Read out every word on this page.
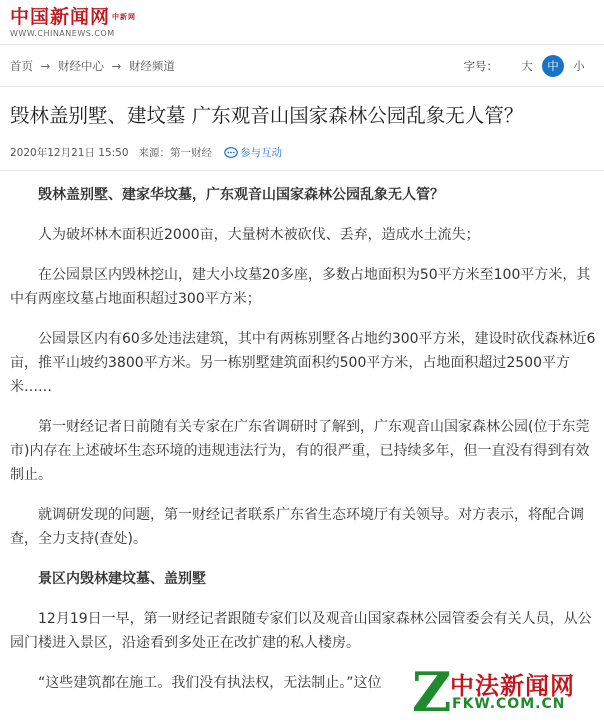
中国新闻网 $^{中新网}$
WWW.CHINANEWS.COM
首页 → 财经中心 → 财经频道	字号：	大	中	小
毁林盖别墅、建坟墓 广东观音山国家森林公园乱象无人管？
2020年12月21日 15:50 来源：第一财经	参与互动

毁林盖别墅、建家华坟墓，广东观音山国家森林公园乱象无人管？

人为破坏林木面积近2000亩，大量树木被砍伐、丢弃，造成水土流失；

在公园景区内毁林挖山，建大小坟墓20多座，多数占地面积为50平方米至100平方米，其中有两座坟墓占地面积超过300平方米；

公园景区内有60多处违法建筑，其中有两栋别墅各占地约300平方米，建设时砍伐森林近6亩，推平山坡约3800平方米。另一栋别墅建筑面积约500平方米，占地面积超过2500平方米……

第一财经记者日前随有关专家在广东省调研时了解到，广东观音山国家森林公园(位于东莞市)内存在上述破坏生态环境的违规违法行为，有的很严重，已持续多年，但一直没有得到有效制止。

就调研发现的问题，第一财经记者联系广东省生态环境厅有关领导。对方表示，将配合调查，全力支持(查处)。

景区内毁林建坟墓、盖别墅

12月19日一早，第一财经记者跟随专家们以及观音山国家森林公园管委会有关人员，从公园门楼进入景区，沿途看到多处正在改扩建的私人楼房。

“这些建筑都在施工。我们没有执法权，无法制止。”这位 Z
中法新闻网
FKW.COM.CN
